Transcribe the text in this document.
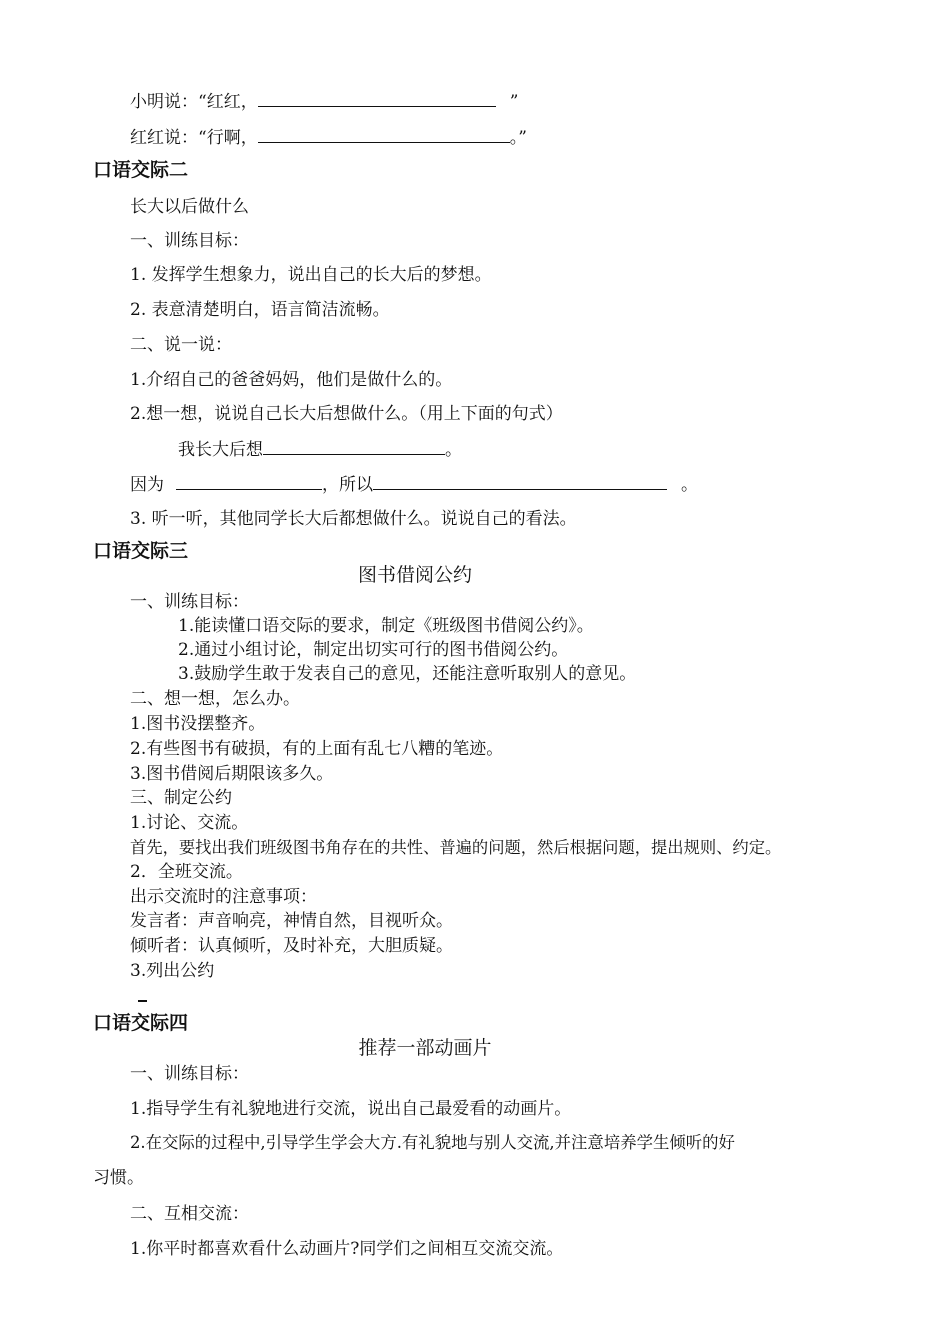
小明说：“红红，	”
红红说：“行啊，	。”
口语交际二
长大以后做什么
一、训练目标：
1. 发挥学生想象力，说出自己的长大后的梦想。
2. 表意清楚明白，语言简洁流畅。
二、说一说：
1.介绍自己的爸爸妈妈，他们是做什么的。
2.想一想，说说自己长大后想做什么。（用上下面的句式）
我长大后想	。
因为	，所以	。
3. 听一听，其他同学长大后都想做什么。说说自己的看法。
口语交际三
图书借阅公约
一、训练目标：
1.能读懂口语交际的要求，制定《班级图书借阅公约》。
2.通过小组讨论，制定出切实可行的图书借阅公约。
3.鼓励学生敢于发表自己的意见，还能注意听取别人的意见。
二、想一想，怎么办。
1.图书没摆整齐。
2.有些图书有破损，有的上面有乱七八糟的笔迹。
3.图书借阅后期限该多久。
三、制定公约
1.讨论、交流。
首先，要找出我们班级图书角存在的共性、普遍的问题，然后根据问题，提出规则、约定。
2．全班交流。
出示交流时的注意事项：
发言者：声音响亮，神情自然，目视听众。
倾听者：认真倾听，及时补充，大胆质疑。
3.列出公约
口语交际四
推荐一部动画片
一、训练目标：
1.指导学生有礼貌地进行交流，说出自己最爱看的动画片。
2.在交际的过程中,引导学生学会大方.有礼貌地与别人交流,并注意培养学生倾听的好
习惯。
二、互相交流：
1.你平时都喜欢看什么动画片?同学们之间相互交流交流。
